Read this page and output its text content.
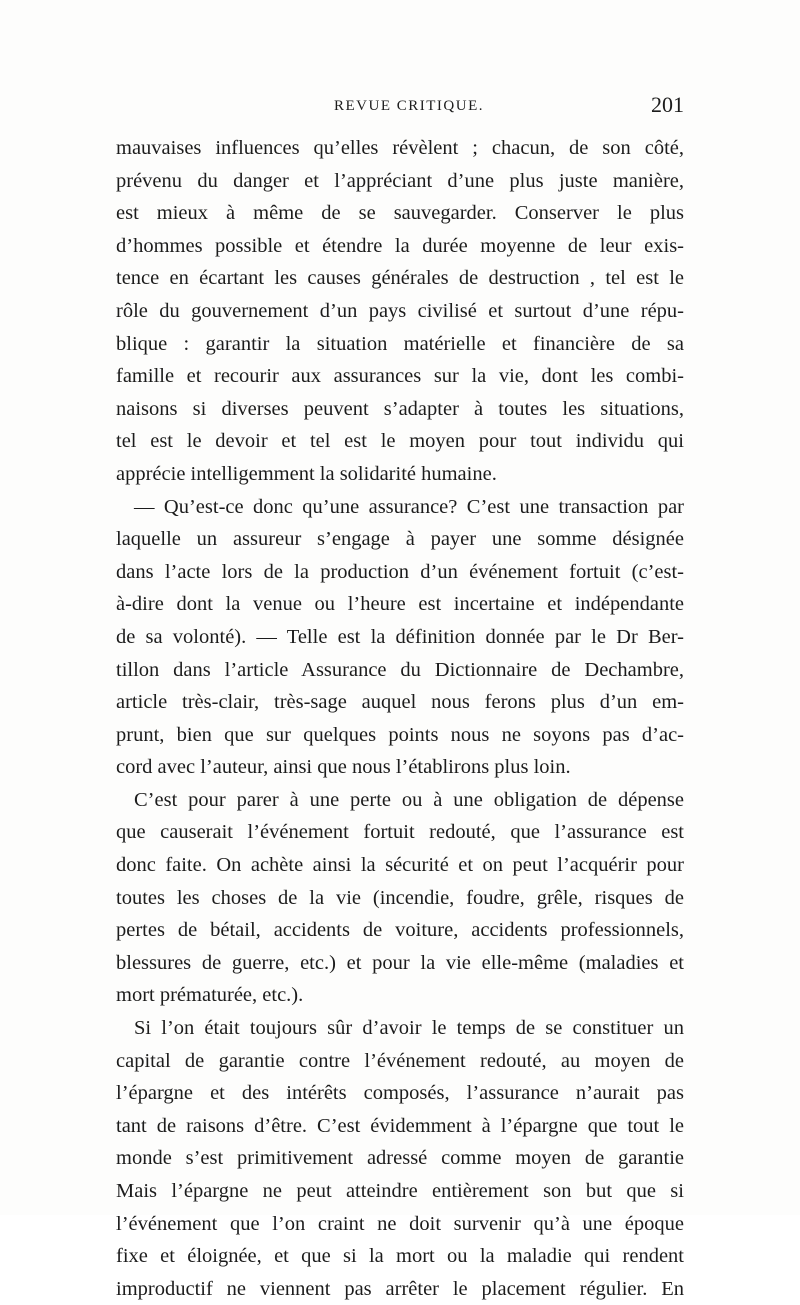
REVUE CRITIQUE.	201
mauvaises influences qu’elles révèlent ; chacun, de son côté,
prévenu du danger et l’appréciant d’une plus juste manière,
est mieux à même de se sauvegarder. Conserver le plus
d’hommes possible et étendre la durée moyenne de leur exis-
tence en écartant les causes générales de destruction , tel est le
rôle du gouvernement d’un pays civilisé et surtout d’une répu-
blique : garantir la situation matérielle et financière de sa
famille et recourir aux assurances sur la vie, dont les combi-
naisons si diverses peuvent s’adapter à toutes les situations,
tel est le devoir et tel est le moyen pour tout individu qui
apprécie intelligemment la solidarité humaine.
— Qu’est-ce donc qu’une assurance? C’est une transaction par
laquelle un assureur s’engage à payer une somme désignée
dans l’acte lors de la production d’un événement fortuit (c’est-
à-dire dont la venue ou l’heure est incertaine et indépendante
de sa volonté). — Telle est la définition donnée par le Dr Ber-
tillon dans l’article Assurance du Dictionnaire de Dechambre,
article très-clair, très-sage auquel nous ferons plus d’un em-
prunt, bien que sur quelques points nous ne soyons pas d’ac-
cord avec l’auteur, ainsi que nous l’établirons plus loin.
C’est pour parer à une perte ou à une obligation de dépense
que causerait l’événement fortuit redouté, que l’assurance est
donc faite. On achète ainsi la sécurité et on peut l’acquérir pour
toutes les choses de la vie (incendie, foudre, grêle, risques de
pertes de bétail, accidents de voiture, accidents professionnels,
blessures de guerre, etc.) et pour la vie elle-même (maladies et
mort prématurée, etc.).
Si l’on était toujours sûr d’avoir le temps de se constituer un
capital de garantie contre l’événement redouté, au moyen de
l’épargne et des intérêts composés, l’assurance n’aurait pas
tant de raisons d’être. C’est évidemment à l’épargne que tout le
monde s’est primitivement adressé comme moyen de garantie
Mais l’épargne ne peut atteindre entièrement son but que si
l’événement que l’on craint ne doit survenir qu’à une époque
fixe et éloignée, et que si la mort ou la maladie qui rendent
improductif ne viennent pas arrêter le placement régulier. En
